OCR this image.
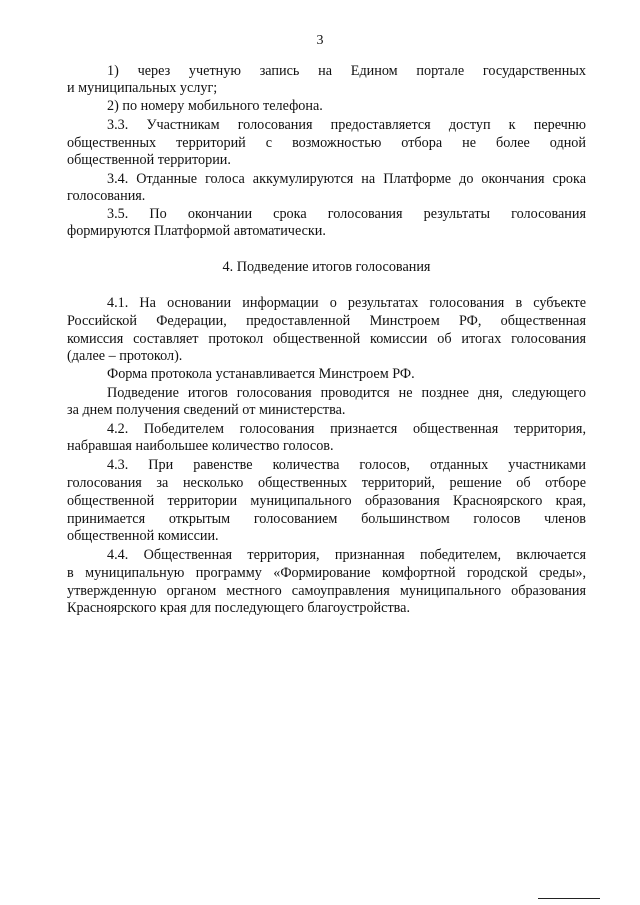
3
1) через учетную запись на Едином портале государственных
и муниципальных услуг;
2) по номеру мобильного телефона.
3.3. Участникам голосования предоставляется доступ к перечню
общественных территорий с возможностью отбора не более одной
общественной территории.
3.4. Отданные голоса аккумулируются на Платформе до окончания срока
голосования.
3.5. По окончании срока голосования результаты голосования
формируются Платформой автоматически.
4. Подведение итогов голосования
4.1. На основании информации о результатах голосования в субъекте
Российской Федерации, предоставленной Минстроем РФ, общественная
комиссия составляет протокол общественной комиссии об итогах голосования
(далее – протокол).
Форма протокола устанавливается Минстроем РФ.
Подведение итогов голосования проводится не позднее дня, следующего
за днем получения сведений от министерства.
4.2. Победителем голосования признается общественная территория,
набравшая наибольшее количество голосов.
4.3. При равенстве количества голосов, отданных участниками
голосования за несколько общественных территорий, решение об отборе
общественной территории муниципального образования Красноярского края,
принимается открытым голосованием большинством голосов членов
общественной комиссии.
4.4. Общественная территория, признанная победителем, включается
в муниципальную программу «Формирование комфортной городской среды»,
утвержденную органом местного самоуправления муниципального образования
Красноярского края для последующего благоустройства.
